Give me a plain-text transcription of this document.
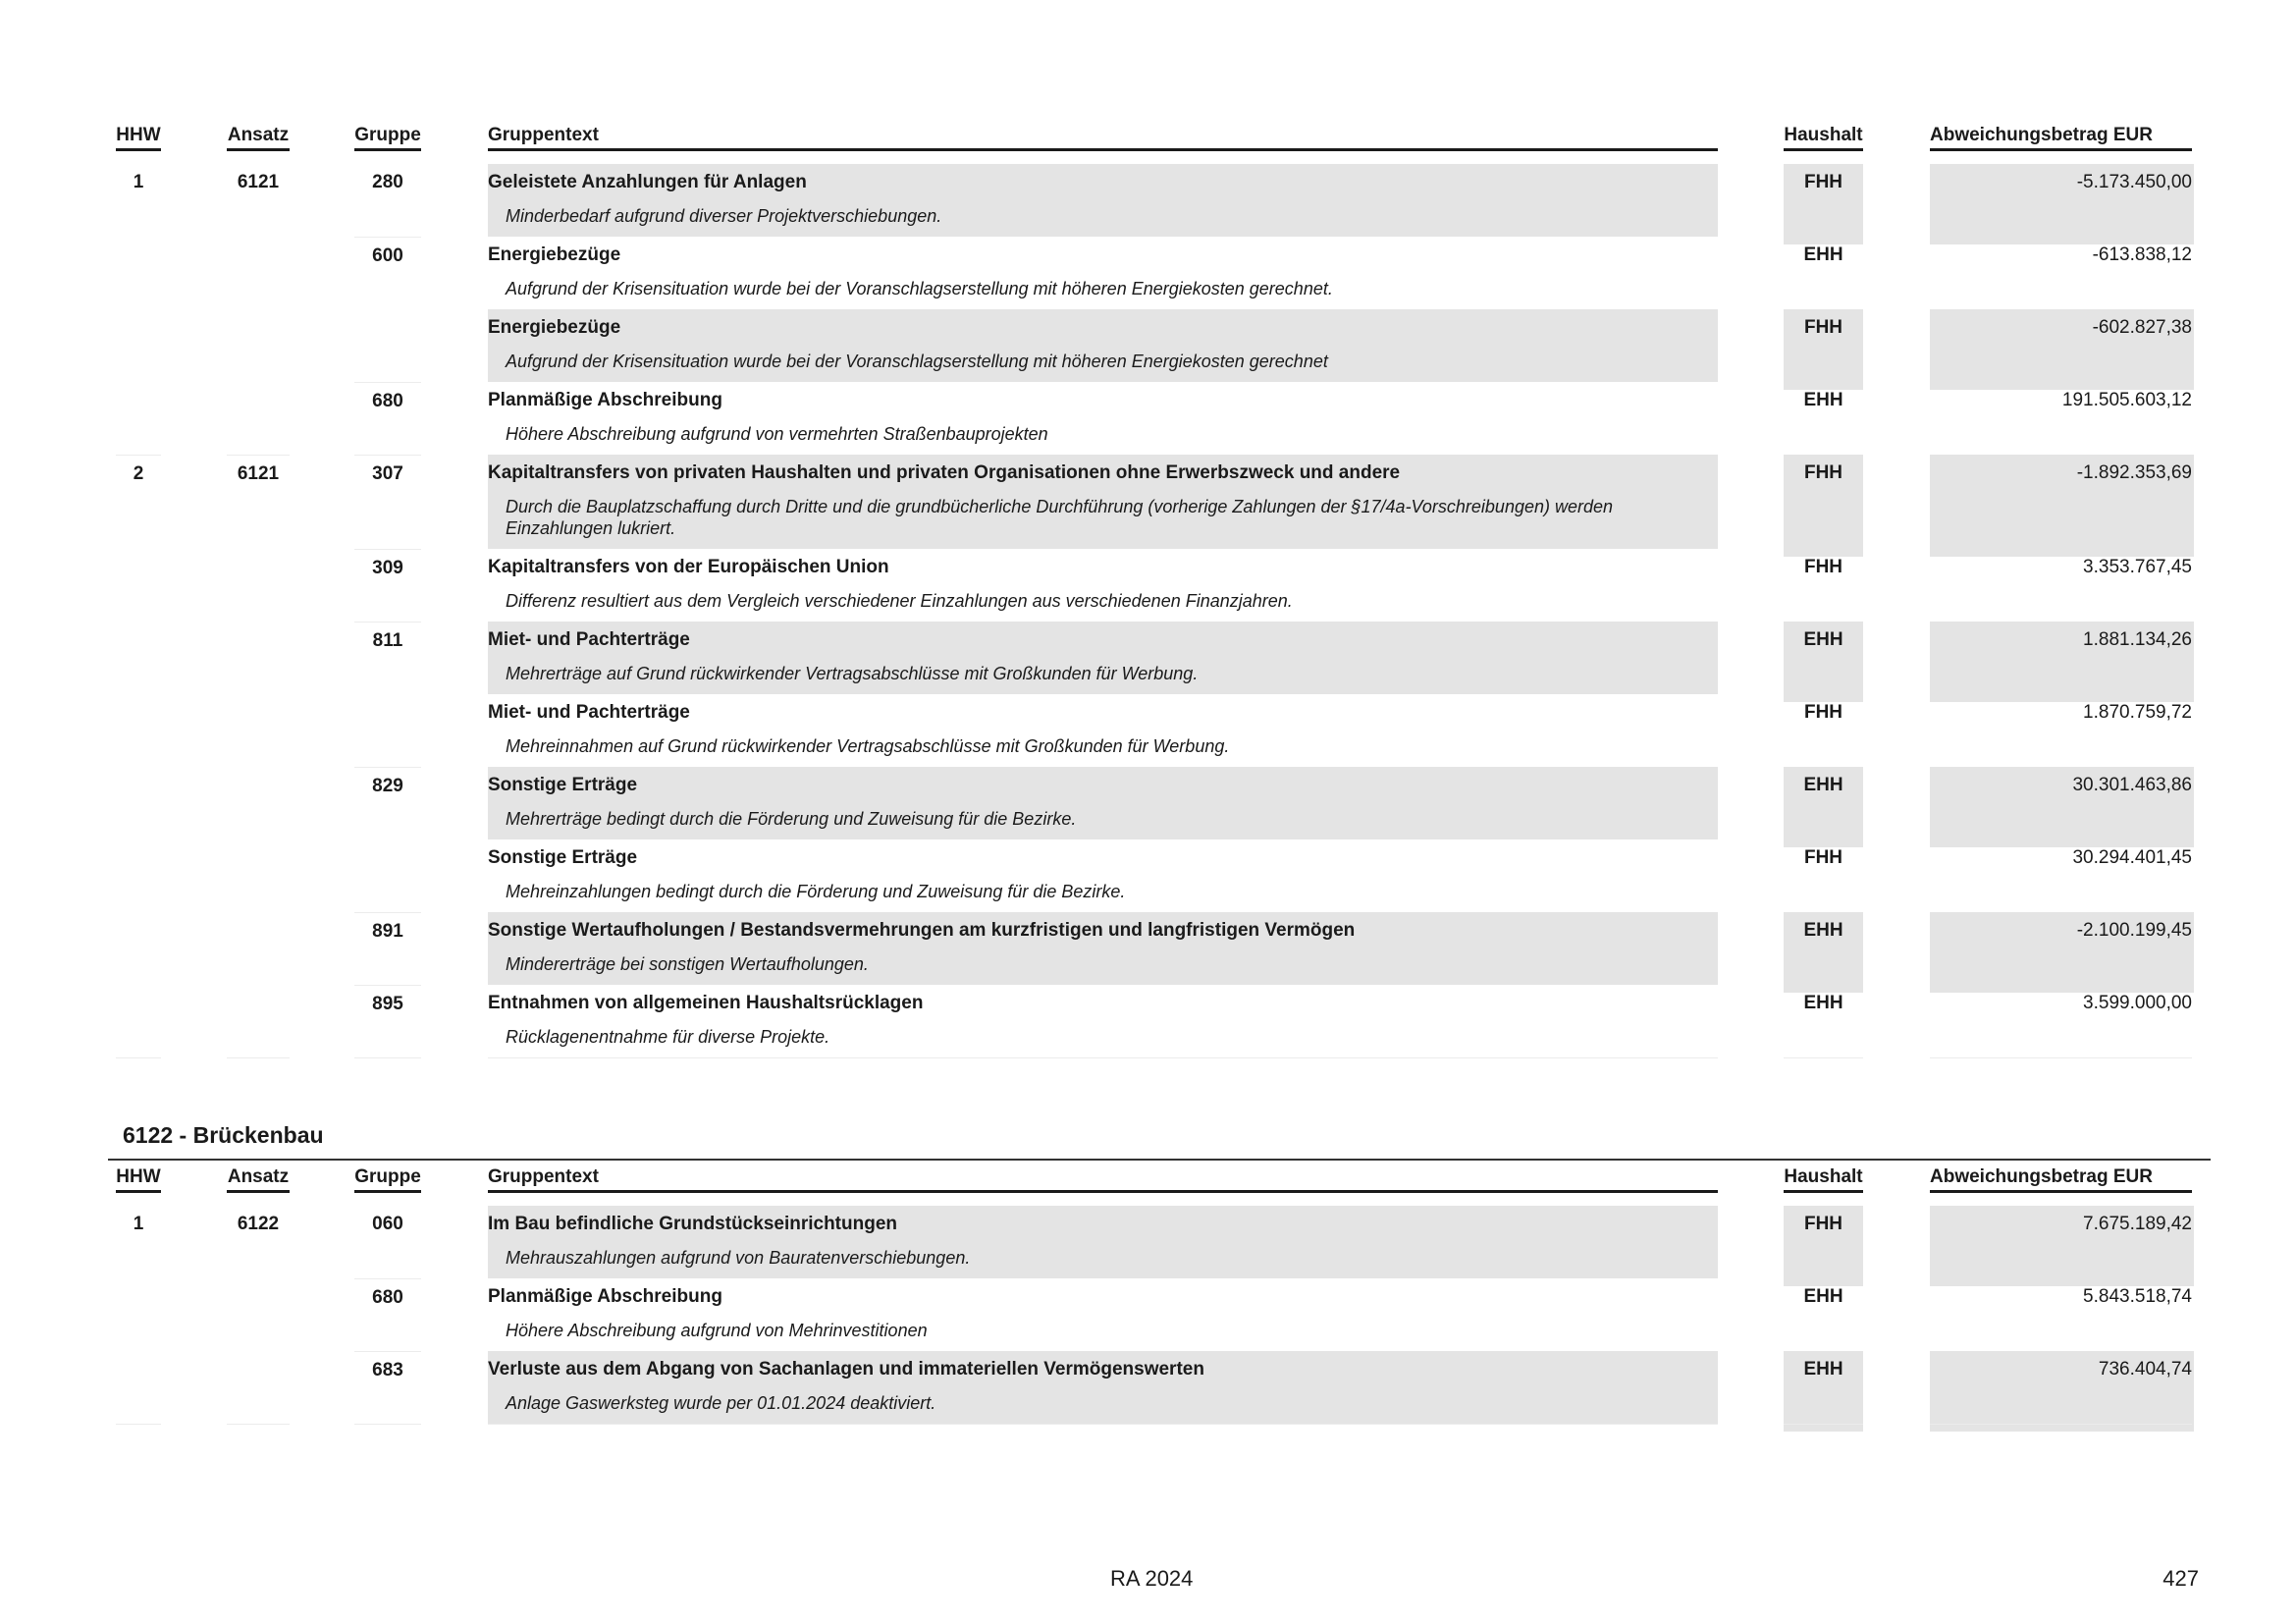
HHW	Ansatz	Gruppe	Gruppentext	Haushalt	Abweichungsbetrag EUR
1	6121	280	Geleistete Anzahlungen für Anlagen
Minderbedarf aufgrund diverser Projektverschiebungen.
FHH	-5.173.450,00
600	Energiebezüge
Aufgrund der Krisensituation wurde bei der Voranschlagserstellung mit höheren Energiekosten gerechnet.
EHH	-613.838,12
Energiebezüge
Aufgrund der Krisensituation wurde bei der Voranschlagserstellung mit höheren Energiekosten gerechnet
FHH	-602.827,38
680	Planmäßige Abschreibung
Höhere Abschreibung aufgrund von vermehrten Straßenbauprojekten
EHH	191.505.603,12
2	6121	307	Kapitaltransfers von privaten Haushalten und privaten Organisationen ohne Erwerbszweck und andere
Durch die Bauplatzschaffung durch Dritte und die grundbücherliche Durchführung (vorherige Zahlungen der §17/4a-Vorschreibungen) werden Einzahlungen lukriert.
FHH	-1.892.353,69
309	Kapitaltransfers von der Europäischen Union
Differenz resultiert aus dem Vergleich verschiedener Einzahlungen aus verschiedenen Finanzjahren.
FHH	3.353.767,45
811	Miet- und Pachterträge
Mehrerträge auf Grund rückwirkender Vertragsabschlüsse mit Großkunden für Werbung.
EHH	1.881.134,26
Miet- und Pachterträge
Mehreinnahmen auf Grund rückwirkender Vertragsabschlüsse mit Großkunden für Werbung.
FHH	1.870.759,72
829	Sonstige Erträge
Mehrerträge bedingt durch die Förderung und Zuweisung für die Bezirke.
EHH	30.301.463,86
Sonstige Erträge
Mehreinzahlungen bedingt durch die Förderung und Zuweisung für die Bezirke.
FHH	30.294.401,45
891	Sonstige Wertaufholungen / Bestandsvermehrungen am kurzfristigen und langfristigen Vermögen
Mindererträge bei sonstigen Wertaufholungen.
EHH	-2.100.199,45
895	Entnahmen von allgemeinen Haushaltsrücklagen
Rücklagenentnahme für diverse Projekte.
EHH	3.599.000,00
6122 - Brückenbau
HHW	Ansatz	Gruppe	Gruppentext	Haushalt	Abweichungsbetrag EUR
1	6122	060	Im Bau befindliche Grundstückseinrichtungen
Mehrauszahlungen aufgrund von Bauratenverschiebungen.
FHH	7.675.189,42
680	Planmäßige Abschreibung
Höhere Abschreibung aufgrund von Mehrinvestitionen
EHH	5.843.518,74
683	Verluste aus dem Abgang von Sachanlagen und immateriellen Vermögenswerten
Anlage Gaswerksteg wurde per 01.01.2024 deaktiviert.
EHH	736.404,74
RA 2024	427
